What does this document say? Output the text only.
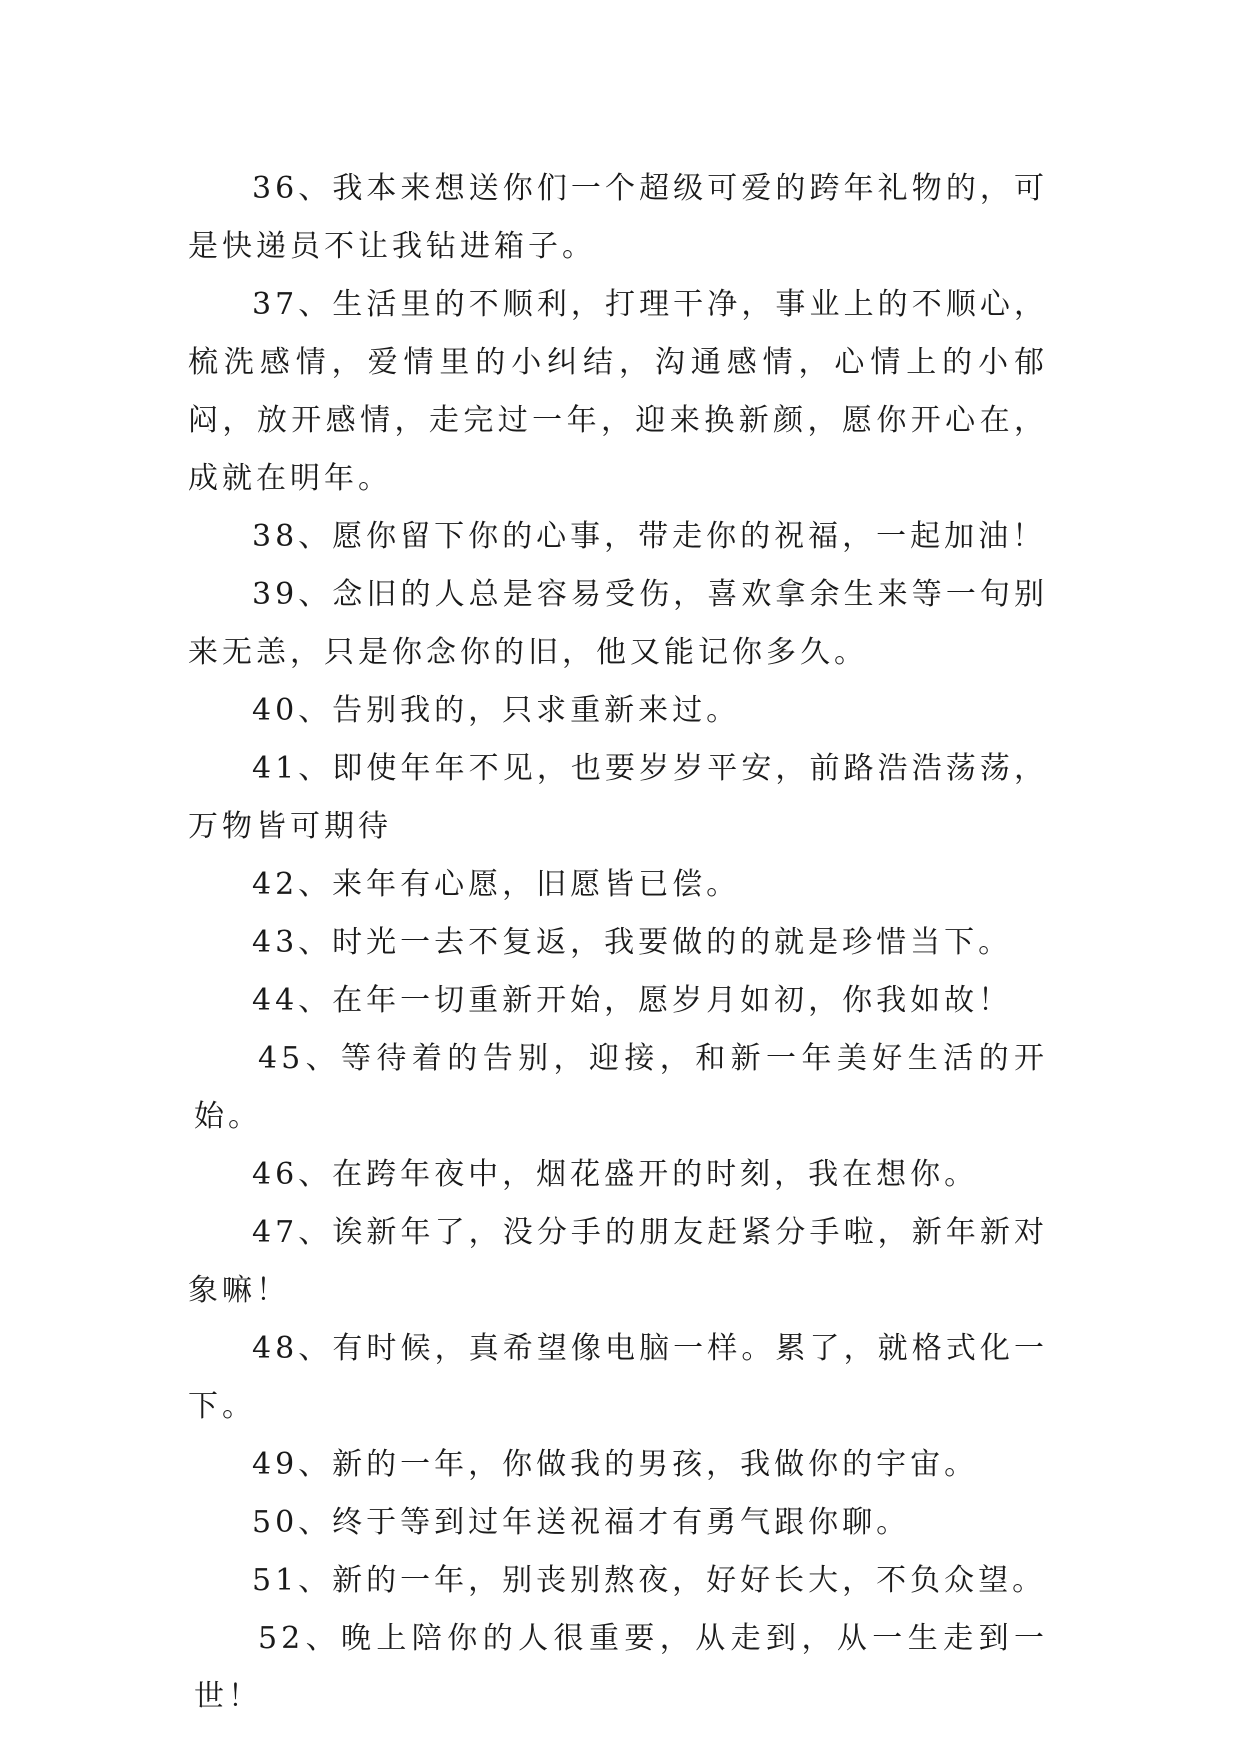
36、我本来想送你们一个超级可爱的跨年礼物的，可是快递员不让我钻进箱子。

37、生活里的不顺利，打理干净，事业上的不顺心，梳洗感情，爱情里的小纠结，沟通感情，心情上的小郁闷，放开感情，走完过一年，迎来换新颜，愿你开心在，成就在明年。

38、愿你留下你的心事，带走你的祝福，一起加油！

39、念旧的人总是容易受伤，喜欢拿余生来等一句别来无恙，只是你念你的旧，他又能记你多久。

40、告别我的，只求重新来过。

41、即使年年不见，也要岁岁平安，前路浩浩荡荡，万物皆可期待

42、来年有心愿，旧愿皆已偿。

43、时光一去不复返，我要做的的就是珍惜当下。

44、在年一切重新开始，愿岁月如初，你我如故！

45、等待着的告别，迎接，和新一年美好生活的开始。

46、在跨年夜中，烟花盛开的时刻，我在想你。

47、诶新年了，没分手的朋友赶紧分手啦，新年新对象嘛！

48、有时候，真希望像电脑一样。累了，就格式化一下。

49、新的一年，你做我的男孩，我做你的宇宙。

50、终于等到过年送祝福才有勇气跟你聊。

51、新的一年，别丧别熬夜，好好长大，不负众望。

52、晚上陪你的人很重要，从走到，从一生走到一世！
